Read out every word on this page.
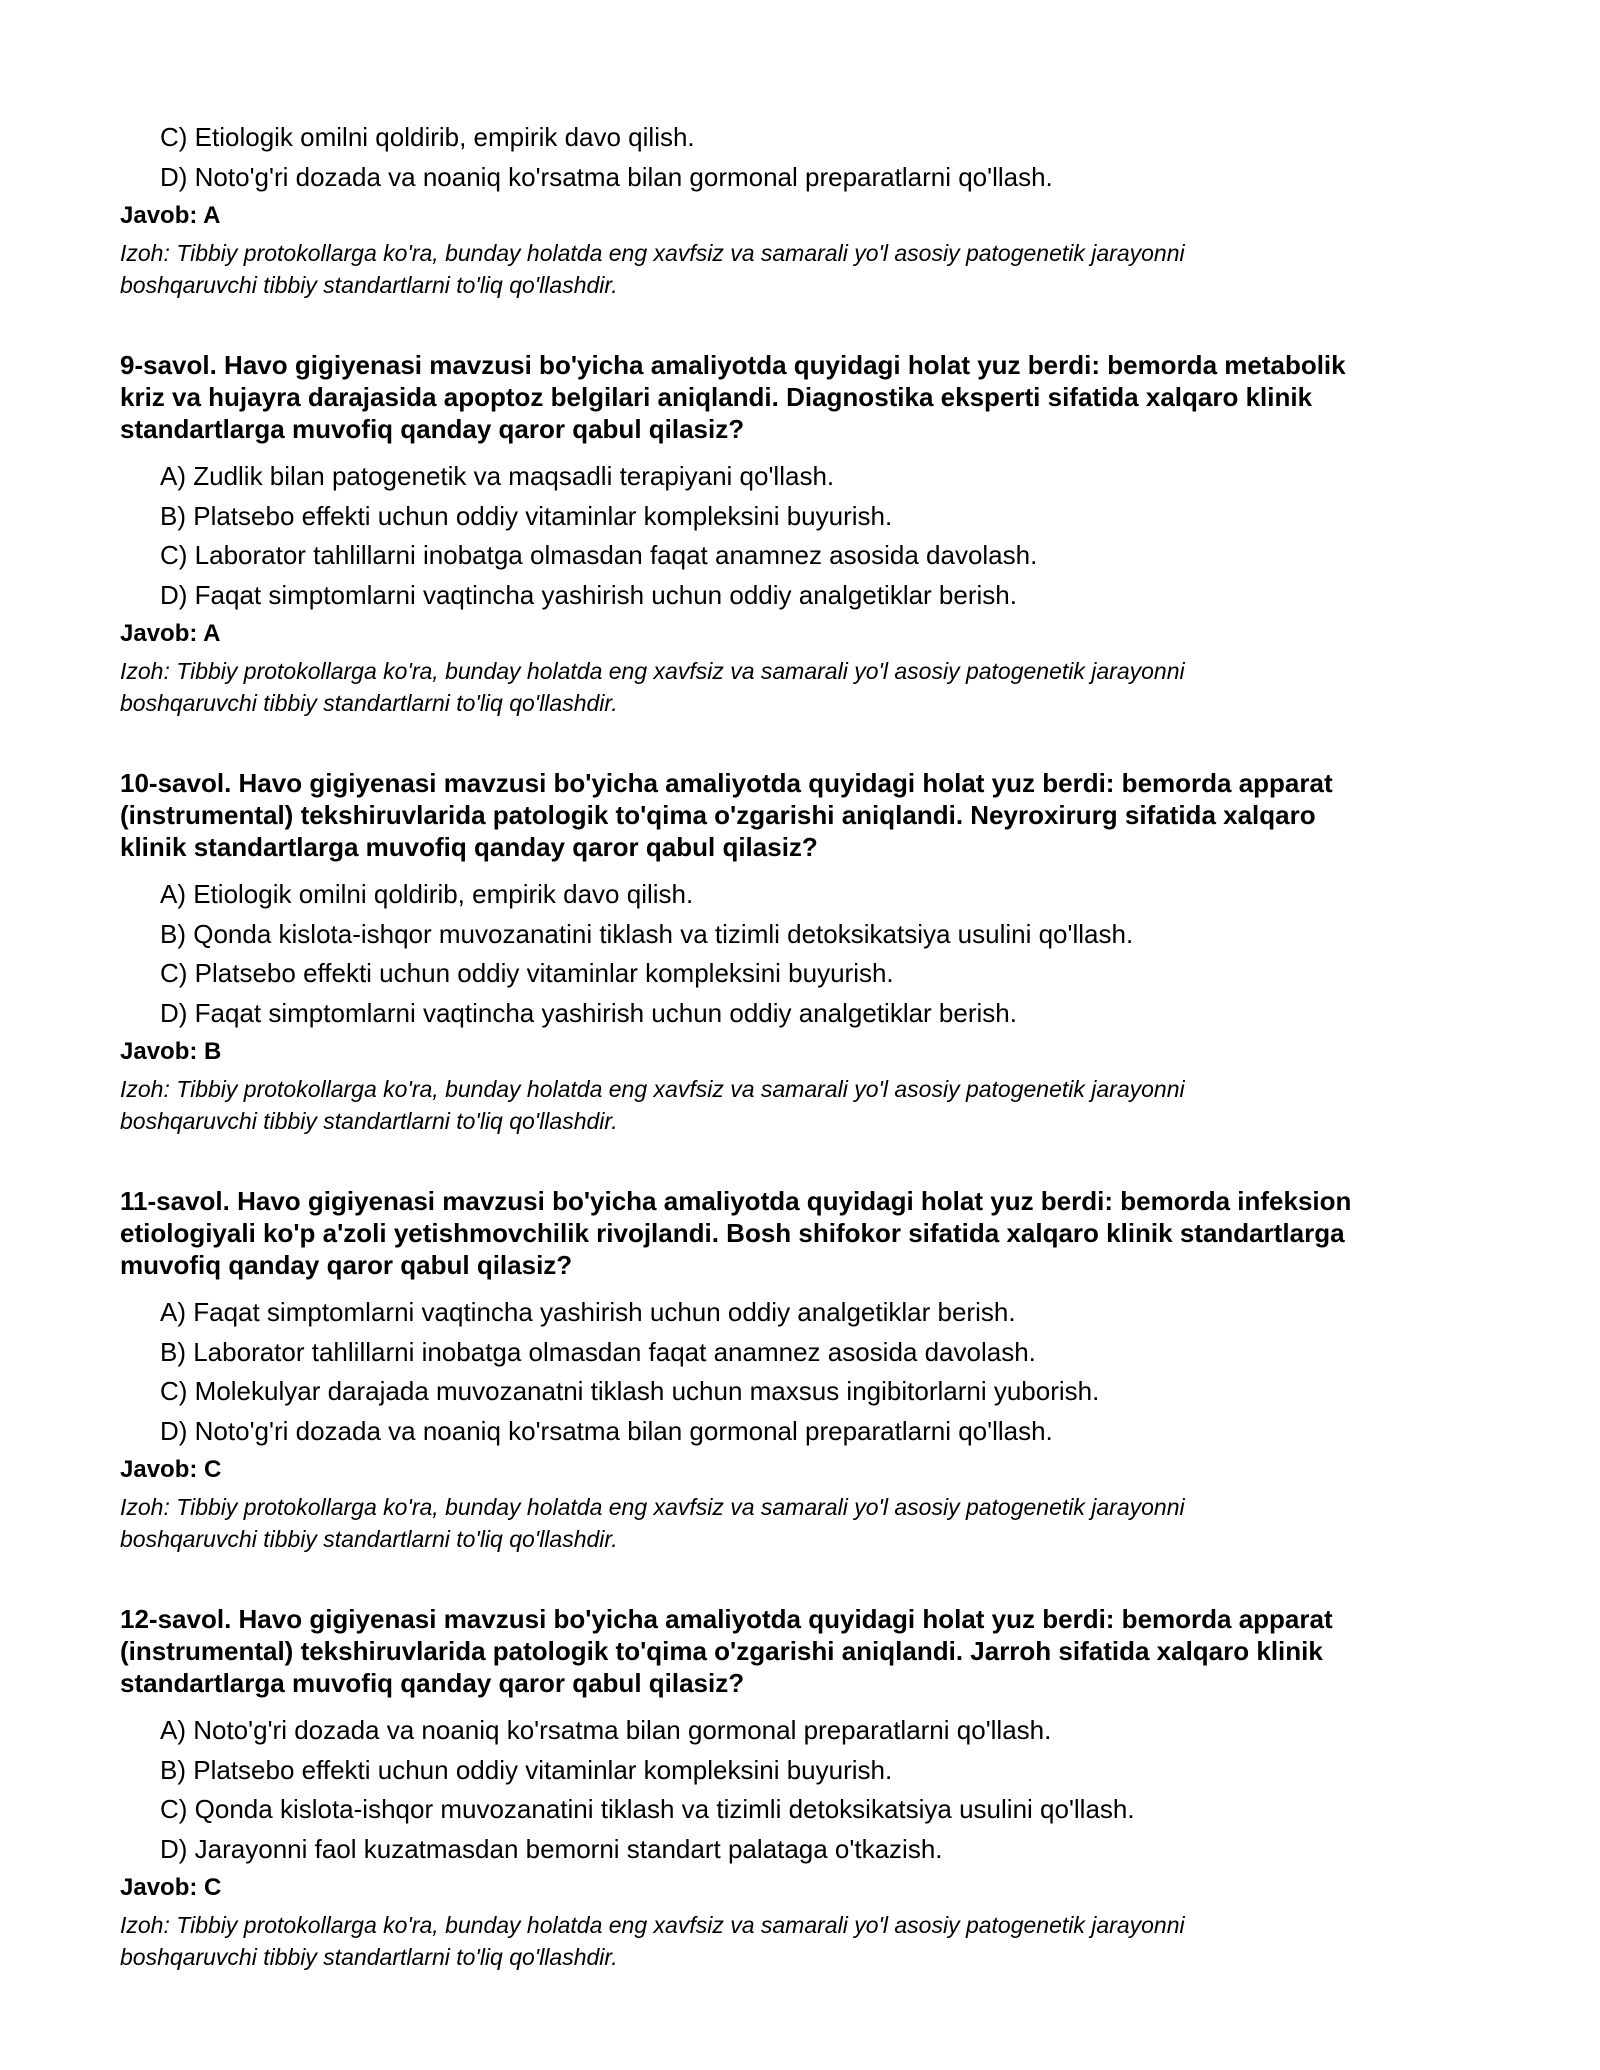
C) Etiologik omilni qoldirib, empirik davo qilish.
D) Noto'g'ri dozada va noaniq ko'rsatma bilan gormonal preparatlarni qo'llash.
Javob: A
Izoh: Tibbiy protokollarga ko'ra, bunday holatda eng xavfsiz va samarali yo'l asosiy patogenetik jarayonni
boshqaruvchi tibbiy standartlarni to'liq qo'llashdir.
9-savol. Havo gigiyenasi mavzusi bo'yicha amaliyotda quyidagi holat yuz berdi: bemorda metabolik
kriz va hujayra darajasida apoptoz belgilari aniqlandi. Diagnostika eksperti sifatida xalqaro klinik
standartlarga muvofiq qanday qaror qabul qilasiz?
A) Zudlik bilan patogenetik va maqsadli terapiyani qo'llash.
B) Platsebo effekti uchun oddiy vitaminlar kompleksini buyurish.
C) Laborator tahlillarni inobatga olmasdan faqat anamnez asosida davolash.
D) Faqat simptomlarni vaqtincha yashirish uchun oddiy analgetiklar berish.
Javob: A
Izoh: Tibbiy protokollarga ko'ra, bunday holatda eng xavfsiz va samarali yo'l asosiy patogenetik jarayonni
boshqaruvchi tibbiy standartlarni to'liq qo'llashdir.
10-savol. Havo gigiyenasi mavzusi bo'yicha amaliyotda quyidagi holat yuz berdi: bemorda apparat
(instrumental) tekshiruvlarida patologik to'qima o'zgarishi aniqlandi. Neyroxirurg sifatida xalqaro
klinik standartlarga muvofiq qanday qaror qabul qilasiz?
A) Etiologik omilni qoldirib, empirik davo qilish.
B) Qonda kislota-ishqor muvozanatini tiklash va tizimli detoksikatsiya usulini qo'llash.
C) Platsebo effekti uchun oddiy vitaminlar kompleksini buyurish.
D) Faqat simptomlarni vaqtincha yashirish uchun oddiy analgetiklar berish.
Javob: B
Izoh: Tibbiy protokollarga ko'ra, bunday holatda eng xavfsiz va samarali yo'l asosiy patogenetik jarayonni
boshqaruvchi tibbiy standartlarni to'liq qo'llashdir.
11-savol. Havo gigiyenasi mavzusi bo'yicha amaliyotda quyidagi holat yuz berdi: bemorda infeksion
etiologiyali ko'p a'zoli yetishmovchilik rivojlandi. Bosh shifokor sifatida xalqaro klinik standartlarga
muvofiq qanday qaror qabul qilasiz?
A) Faqat simptomlarni vaqtincha yashirish uchun oddiy analgetiklar berish.
B) Laborator tahlillarni inobatga olmasdan faqat anamnez asosida davolash.
C) Molekulyar darajada muvozanatni tiklash uchun maxsus ingibitorlarni yuborish.
D) Noto'g'ri dozada va noaniq ko'rsatma bilan gormonal preparatlarni qo'llash.
Javob: C
Izoh: Tibbiy protokollarga ko'ra, bunday holatda eng xavfsiz va samarali yo'l asosiy patogenetik jarayonni
boshqaruvchi tibbiy standartlarni to'liq qo'llashdir.
12-savol. Havo gigiyenasi mavzusi bo'yicha amaliyotda quyidagi holat yuz berdi: bemorda apparat
(instrumental) tekshiruvlarida patologik to'qima o'zgarishi aniqlandi. Jarroh sifatida xalqaro klinik
standartlarga muvofiq qanday qaror qabul qilasiz?
A) Noto'g'ri dozada va noaniq ko'rsatma bilan gormonal preparatlarni qo'llash.
B) Platsebo effekti uchun oddiy vitaminlar kompleksini buyurish.
C) Qonda kislota-ishqor muvozanatini tiklash va tizimli detoksikatsiya usulini qo'llash.
D) Jarayonni faol kuzatmasdan bemorni standart palataga o'tkazish.
Javob: C
Izoh: Tibbiy protokollarga ko'ra, bunday holatda eng xavfsiz va samarali yo'l asosiy patogenetik jarayonni
boshqaruvchi tibbiy standartlarni to'liq qo'llashdir.
